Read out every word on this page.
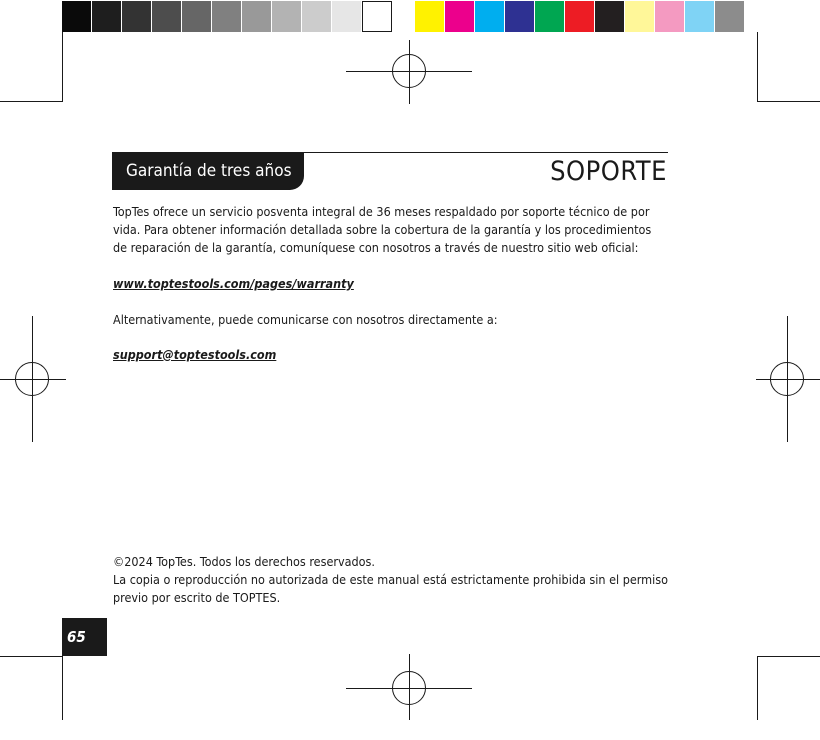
Garantía de tres años	SOPORTE
TopTes ofrece un servicio posventa integral de 36 meses respaldado por soporte técnico de por vida. Para obtener información detallada sobre la cobertura de la garantía y los procedimientos de reparación de la garantía, comuníquese con nosotros a través de nuestro sitio web oficial:
www.toptestools.com/pages/warranty
Alternativamente, puede comunicarse con nosotros directamente a:
support@toptestools.com
©2024 TopTes. Todos los derechos reservados.
La copia o reproducción no autorizada de este manual está estrictamente prohibida sin el permiso previo por escrito de TOPTES.
65
